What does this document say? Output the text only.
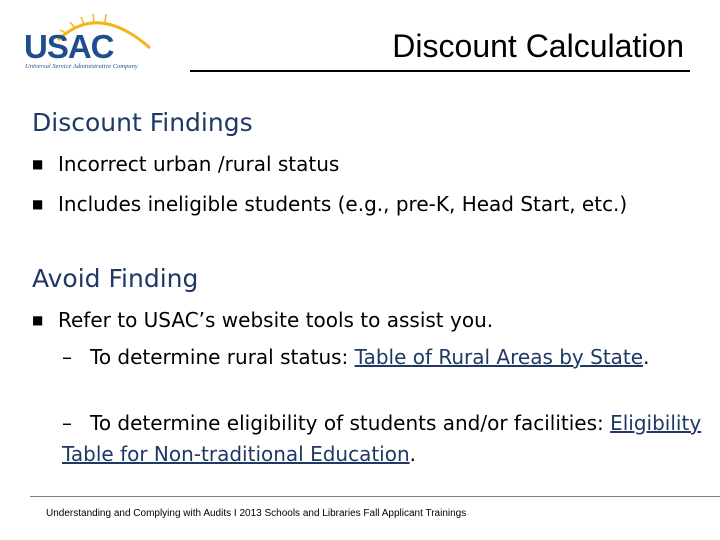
USAC
Universal Service Administrative Company
Discount Calculation
Discount Findings
■ Incorrect urban /rural status
■ Includes ineligible students (e.g., pre-K, Head Start, etc.)
Avoid Finding
■ Refer to USAC’s website tools to assist you.
– To determine rural status: Table of Rural Areas by State.
– To determine eligibility of students and/or facilities: Eligibility Table for Non-traditional Education.
Understanding and Complying with Audits I 2013 Schools and Libraries Fall Applicant Trainings
